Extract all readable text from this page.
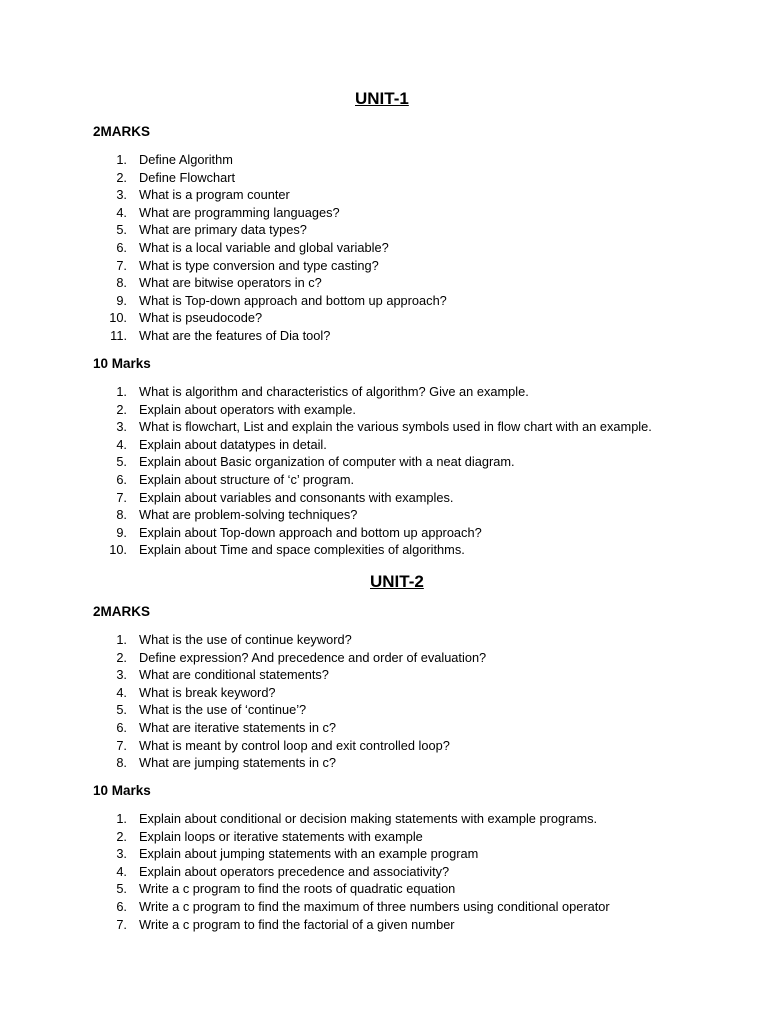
UNIT-1
2MARKS
1. Define Algorithm
2. Define Flowchart
3. What is a program counter
4. What are programming languages?
5. What are primary data types?
6. What is a local variable and global variable?
7. What is type conversion and type casting?
8. What are bitwise operators in c?
9. What is Top-down approach and bottom up approach?
10. What is pseudocode?
11. What are the features of Dia tool?
10 Marks
1. What is algorithm and characteristics of algorithm? Give an example.
2. Explain about operators with example.
3. What is flowchart, List and explain the various symbols used in flow chart with an example.
4. Explain about datatypes in detail.
5. Explain about Basic organization of computer with a neat diagram.
6. Explain about structure of ‘c’ program.
7. Explain about variables and consonants with examples.
8. What are problem-solving techniques?
9. Explain about Top-down approach and bottom up approach?
10. Explain about Time and space complexities of algorithms.
UNIT-2
2MARKS
1. What is the use of continue keyword?
2. Define expression? And precedence and order of evaluation?
3. What are conditional statements?
4. What is break keyword?
5. What is the use of ‘continue’?
6. What are iterative statements in c?
7. What is meant by control loop and exit controlled loop?
8. What are jumping statements in c?
10 Marks
1. Explain about conditional or decision making statements with example programs.
2. Explain loops or iterative statements with example
3. Explain about jumping statements with an example program
4. Explain about operators precedence and associativity?
5. Write a c program to find the roots of quadratic equation
6. Write a c program to find the maximum of three numbers using conditional operator
7. Write a c program to find the factorial of a given number
